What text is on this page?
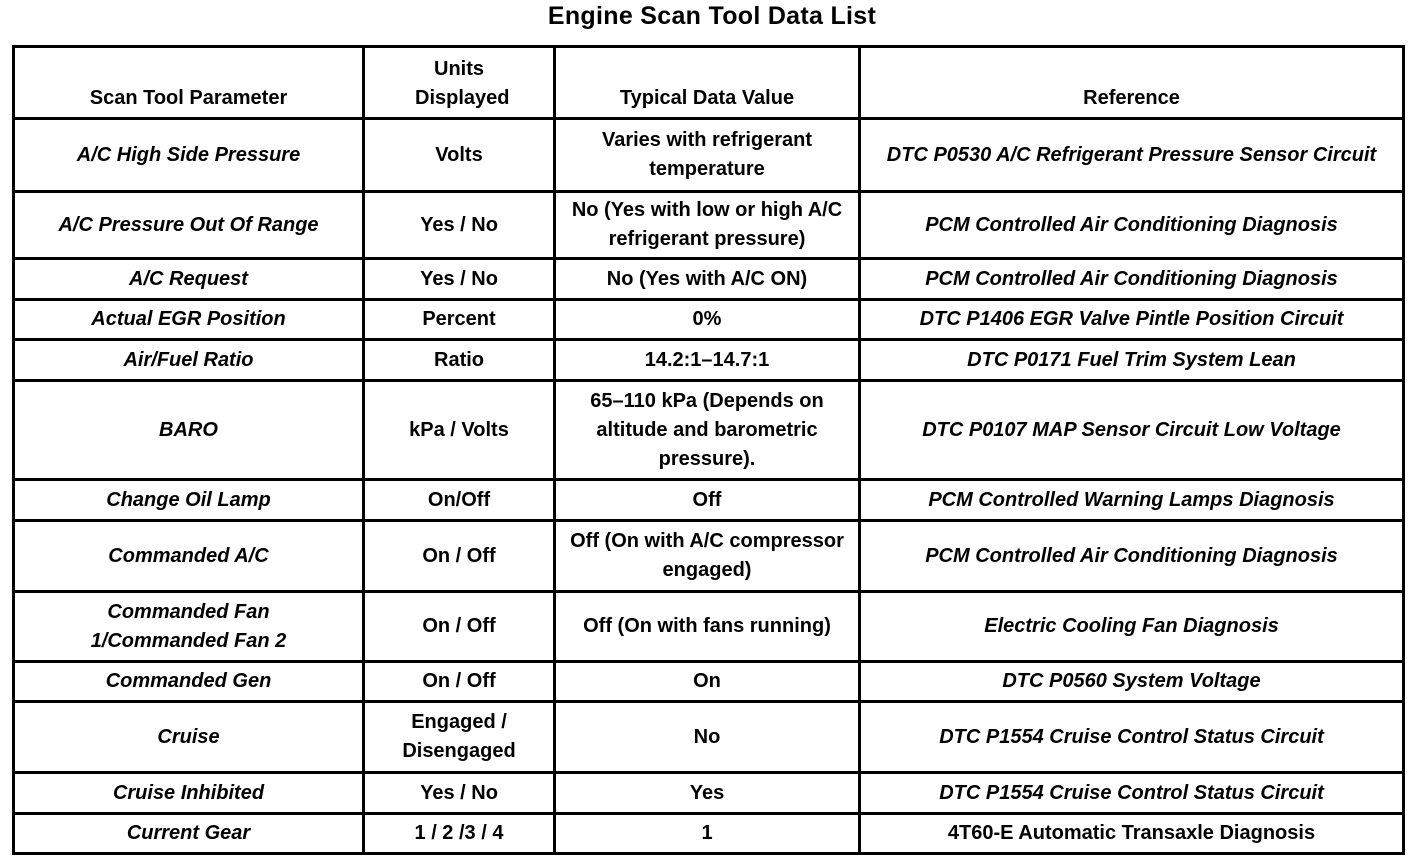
Engine Scan Tool Data List
Scan Tool Parameter	Units Displayed	Typical Data Value	Reference
A/C High Side Pressure	Volts	Varies with refrigerant temperature	DTC P0530 A/C Refrigerant Pressure Sensor Circuit
A/C Pressure Out Of Range	Yes / No	No (Yes with low or high A/C refrigerant pressure)	PCM Controlled Air Conditioning Diagnosis
A/C Request	Yes / No	No (Yes with A/C ON)	PCM Controlled Air Conditioning Diagnosis
Actual EGR Position	Percent	0%	DTC P1406 EGR Valve Pintle Position Circuit
Air/Fuel Ratio	Ratio	14.2:1–14.7:1	DTC P0171 Fuel Trim System Lean
BARO	kPa / Volts	65–110 kPa (Depends on altitude and barometric pressure).	DTC P0107 MAP Sensor Circuit Low Voltage
Change Oil Lamp	On/Off	Off	PCM Controlled Warning Lamps Diagnosis
Commanded A/C	On / Off	Off (On with A/C compressor engaged)	PCM Controlled Air Conditioning Diagnosis
Commanded Fan 1/Commanded Fan 2	On / Off	Off (On with fans running)	Electric Cooling Fan Diagnosis
Commanded Gen	On / Off	On	DTC P0560 System Voltage
Cruise	Engaged / Disengaged	No	DTC P1554 Cruise Control Status Circuit
Cruise Inhibited	Yes / No	Yes	DTC P1554 Cruise Control Status Circuit
Current Gear	1 / 2 /3 / 4	1	4T60-E Automatic Transaxle Diagnosis
